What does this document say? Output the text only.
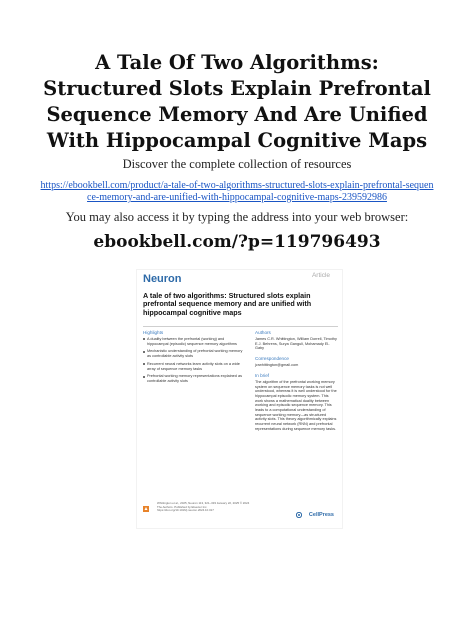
A Tale Of Two Algorithms: Structured Slots Explain Prefrontal Sequence Memory And Are Unified With Hippocampal Cognitive Maps
Discover the complete collection of resources
https://ebookbell.com/product/a-tale-of-two-algorithms-structured-slots-explain-prefrontal-sequence-memory-and-are-unified-with-hippocampal-cognitive-maps-239592986
You may also access it by typing the address into your web browser:
ebookbell.com/?p=119796493
Neuron	Article
A tale of two algorithms: Structured slots explain prefrontal sequence memory and are unified with hippocampal cognitive maps
Highlights
A duality between the prefrontal (working) and hippocampal (episodic) sequence memory algorithms
Mechanistic understanding of prefrontal working memory as controllable activity slots
Recurrent neural networks learn activity slots on a wide array of sequence memory tasks
Prefrontal working memory representations explained as controllable activity slots
Authors
James C.R. Whittington, William Dorrell, Timothy E.J. Behrens, Surya Ganguli, Mohamady El-Gaby
Correspondence
jcrwhittington@gmail.com
In brief
The algorithm of the prefrontal working memory system on sequence memory tasks is not well understood, whereas it is well understood for the hippocampal episodic memory system. This work shows a mathematical duality between working and episodic sequence memory. This leads to a computational understanding of sequence working memory—as structured activity slots. This theory algorithmically explains recurrent neural network (RNN) and prefrontal representations during sequence memory tasks.
Whittington et al., 2025, Neuron 113, 321–333 January 22, 2025 © 2024 The Authors. Published by Elsevier Inc. https://doi.org/10.1016/j.neuron.2024.10.017
CellPress
